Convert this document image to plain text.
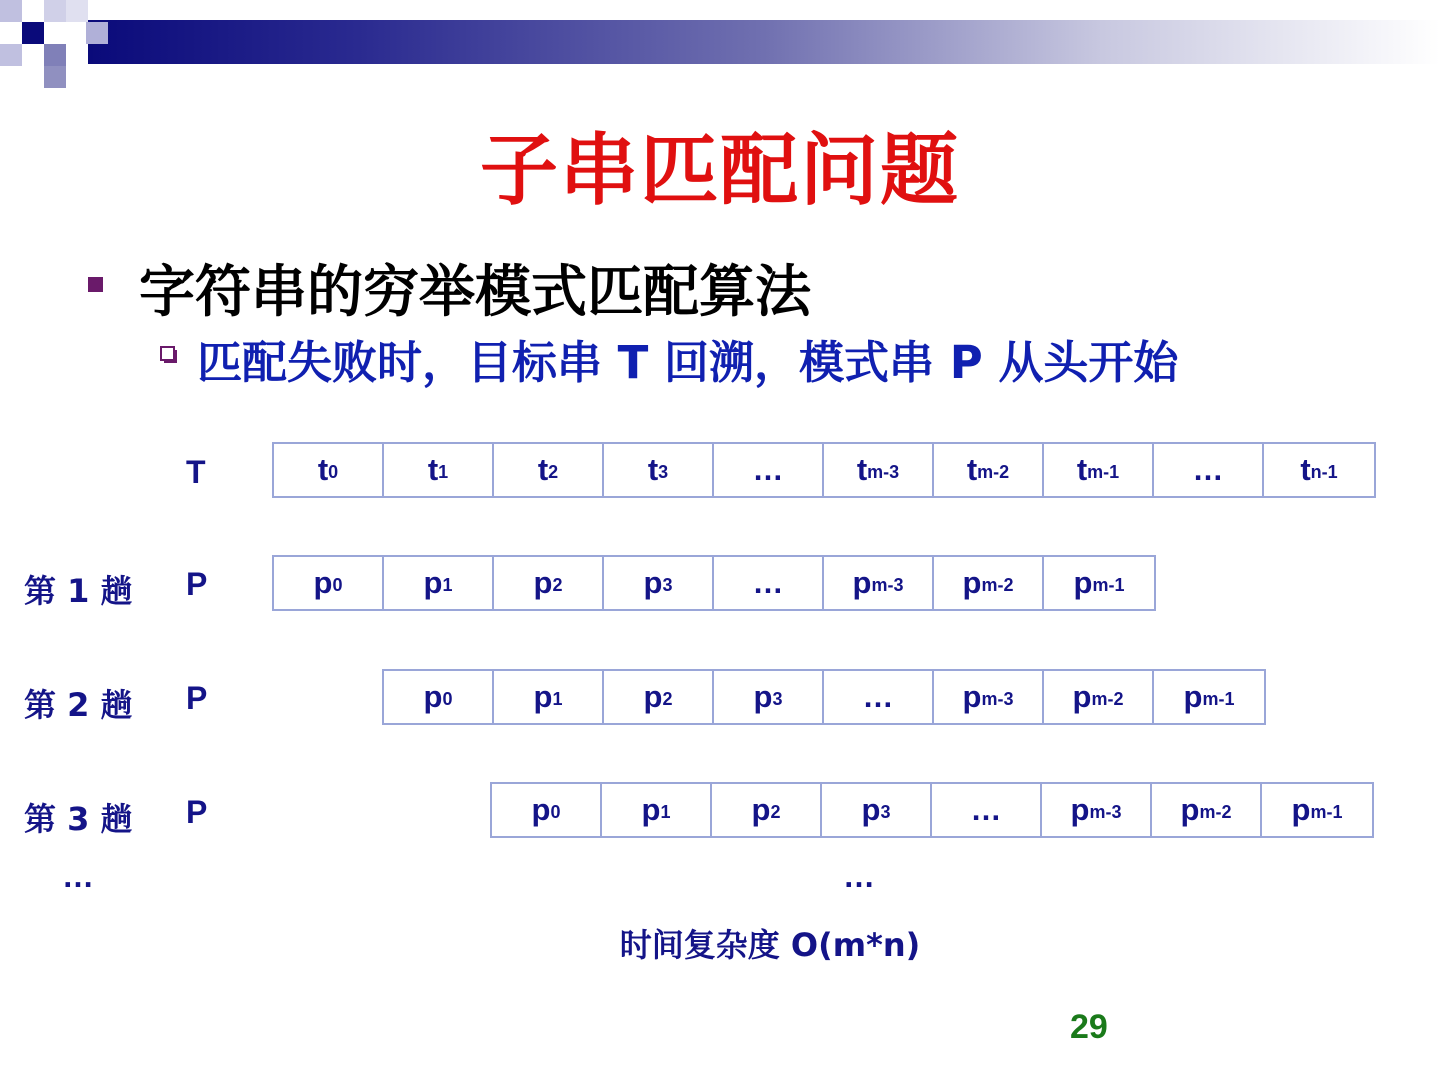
子串匹配问题
字符串的穷举模式匹配算法
匹配失败时，目标串 T 回溯，模式串 P 从头开始
T
第 1 趟 P
第 2 趟 P
第 3 趟 P
$t_0$	$t_1$	$t_2$	$t_3$	… $t_{m-3}$ $t_{m-2}$ $t_{m-1}$ … $t_{n-1}$
$p_0$	$p_1$	$p_2$	$p_3$	… $p_{m-3}$ $p_{m-2}$ $p_{m-1}$
$p_0$	$p_1$	$p_2$	$p_3$	… $p_{m-3}$ $p_{m-2}$ $p_{m-1}$
$p_0$	$p_1$	$p_2$	$p_3$	… $p_{m-3}$ $p_{m-2}$ $p_{m-1}$
…	…
时间复杂度 O(m*n)
29
